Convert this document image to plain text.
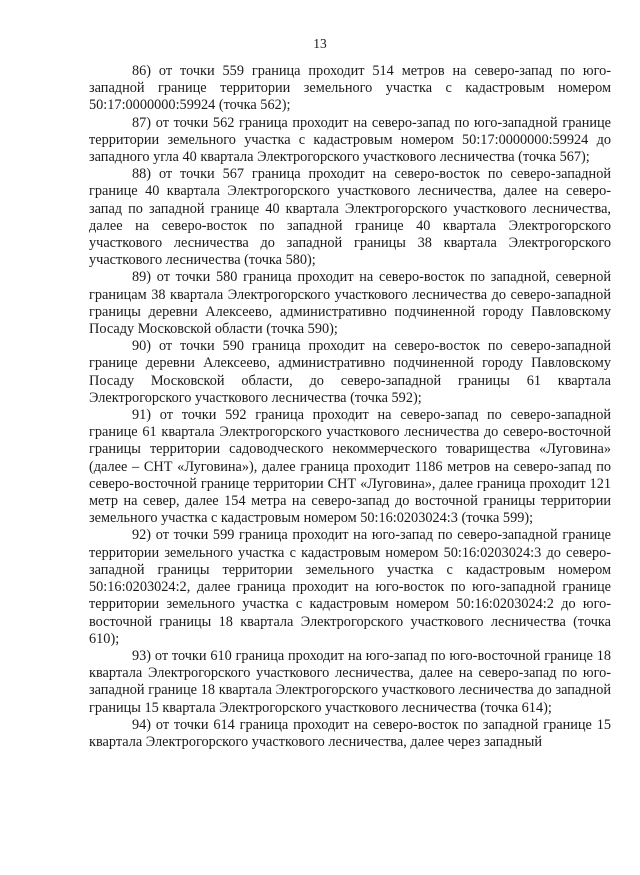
13

86) от точки 559 граница проходит 514 метров на северо-запад по юго-западной границе территории земельного участка с кадастровым номером 50:17:0000000:59924 (точка 562);

87) от точки 562 граница проходит на северо-запад по юго-западной границе территории земельного участка с кадастровым номером 50:17:0000000:59924 до западного угла 40 квартала Электрогорского участкового лесничества (точка 567);

88) от точки 567 граница проходит на северо-восток по северо-западной границе 40 квартала Электрогорского участкового лесничества, далее на северо-запад по западной границе 40 квартала Электрогорского участкового лесничества, далее на северо-восток по западной границе 40 квартала Электрогорского участкового лесничества до западной границы 38 квартала Электрогорского участкового лесничества (точка 580);

89) от точки 580 граница проходит на северо-восток по западной, северной границам 38 квартала Электрогорского участкового лесничества до северо-западной границы деревни Алексеево, административно подчиненной городу Павловскому Посаду Московской области (точка 590);

90) от точки 590 граница проходит на северо-восток по северо-западной границе деревни Алексеево, административно подчиненной городу Павловскому Посаду Московской области, до северо-западной границы 61 квартала Электрогорского участкового лесничества (точка 592);

91) от точки 592 граница проходит на северо-запад по северо-западной границе 61 квартала Электрогорского участкового лесничества до северо-восточной границы территории садоводческого некоммерческого товарищества «Луговина» (далее – СНТ «Луговина»), далее граница проходит 1186 метров на северо-запад по северо-восточной границе территории СНТ «Луговина», далее граница проходит 121 метр на север, далее 154 метра на северо-запад до восточной границы территории земельного участка с кадастровым номером 50:16:0203024:3 (точка 599);

92) от точки 599 граница проходит на юго-запад по северо-западной границе территории земельного участка с кадастровым номером 50:16:0203024:3 до северо-западной границы территории земельного участка с кадастровым номером 50:16:0203024:2, далее граница проходит на юго-восток по юго-западной границе территории земельного участка с кадастровым номером 50:16:0203024:2 до юго-восточной границы 18 квартала Электрогорского участкового лесничества (точка 610);

93) от точки 610 граница проходит на юго-запад по юго-восточной границе 18 квартала Электрогорского участкового лесничества, далее на северо-запад по юго-западной границе 18 квартала Электрогорского участкового лесничества до западной границы 15 квартала Электрогорского участкового лесничества (точка 614);

94) от точки 614 граница проходит на северо-восток по западной границе 15 квартала Электрогорского участкового лесничества, далее через западный
